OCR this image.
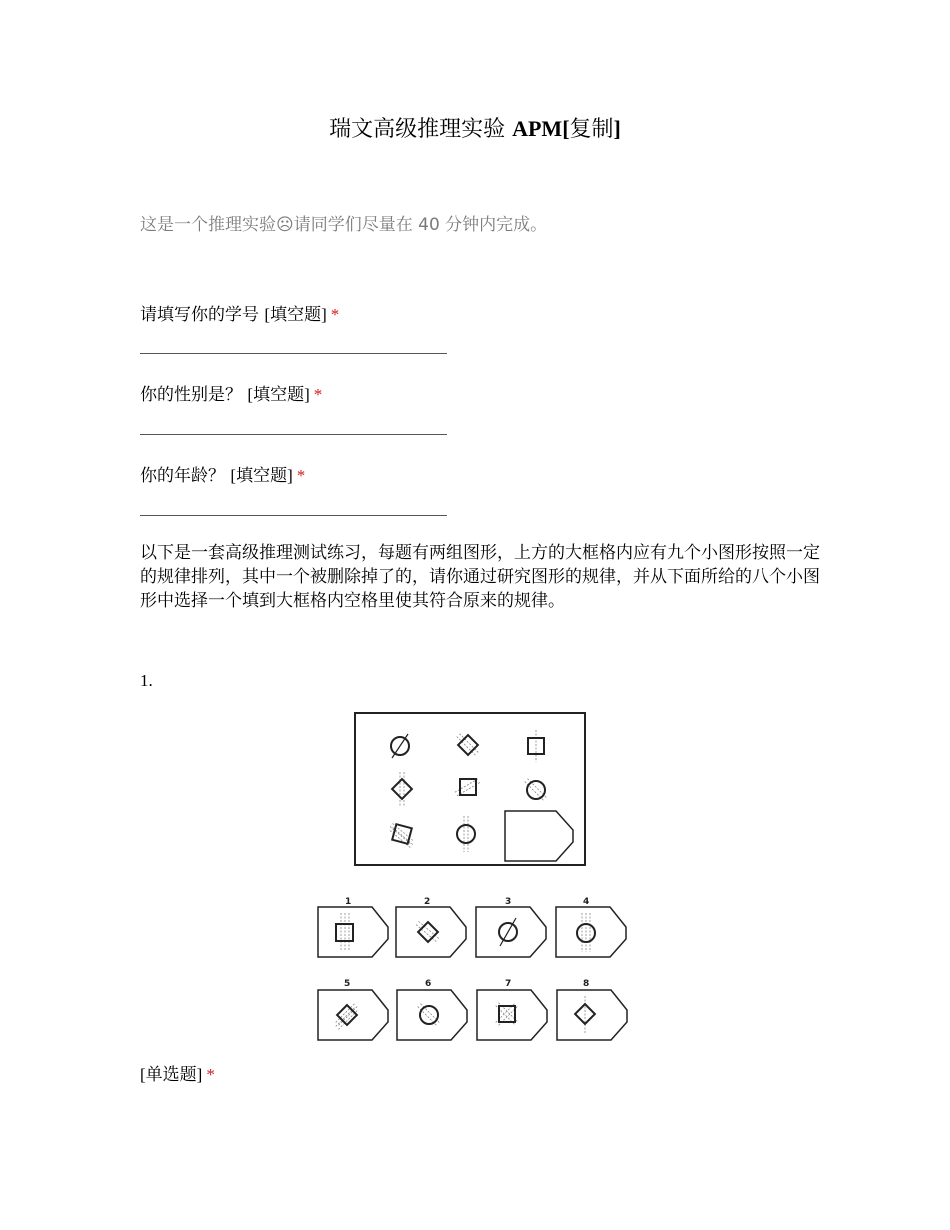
瑞文高级推理实验 APM[复制]
这是一个推理实验☹请同学们尽量在 40 分钟内完成。
请填写你的学号 [填空题] *
你的性别是？ [填空题] *
你的年龄？ [填空题] *
以下是一套高级推理测试练习，每题有两组图形，上方的大框格内应有九个小图形按照一定的规律排列，其中一个被删除掉了的，请你通过研究图形的规律，并从下面所给的八个小图形中选择一个填到大框格内空格里使其符合原来的规律。
1.
1	2	3	4
5	6	7	8
[单选题] *
